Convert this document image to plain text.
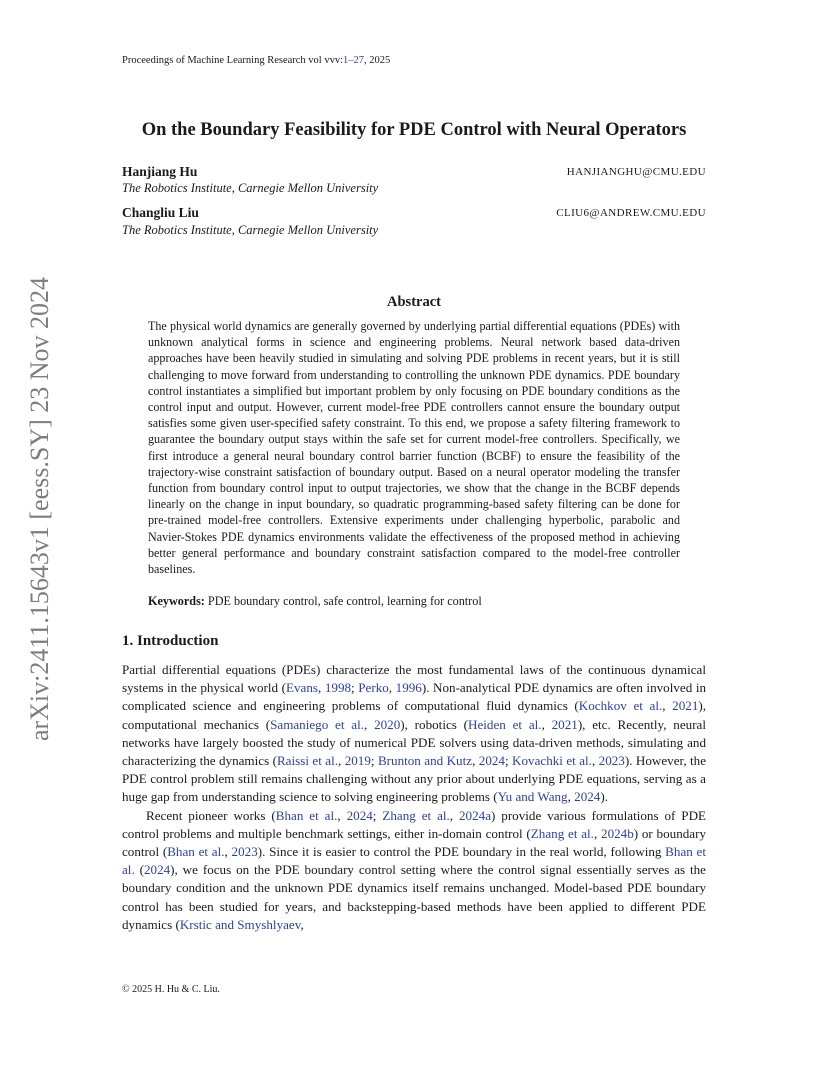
Proceedings of Machine Learning Research vol vvv:1–27, 2025
On the Boundary Feasibility for PDE Control with Neural Operators
Hanjiang Hu	HANJIANGHU@CMU.EDU
The Robotics Institute, Carnegie Mellon University
Changliu Liu	CLIU6@ANDREW.CMU.EDU
The Robotics Institute, Carnegie Mellon University
arXiv:2411.15643v1 [eess.SY] 23 Nov 2024	Abstract
The physical world dynamics are generally governed by underlying partial differential equations (PDEs) with unknown analytical forms in science and engineering problems. Neural network based data-driven approaches have been heavily studied in simulating and solving PDE problems in recent years, but it is still challenging to move forward from understanding to controlling the unknown PDE dynamics. PDE boundary control instantiates a simplified but important problem by only focusing on PDE boundary conditions as the control input and output. However, current model-free PDE controllers cannot ensure the boundary output satisfies some given user-specified safety constraint. To this end, we propose a safety filtering framework to guarantee the boundary output stays within the safe set for current model-free controllers. Specifically, we first introduce a general neural boundary control barrier function (BCBF) to ensure the feasibility of the trajectory-wise constraint satisfaction of boundary output. Based on a neural operator modeling the transfer function from boundary control input to output trajectories, we show that the change in the BCBF depends linearly on the change in input boundary, so quadratic programming-based safety filtering can be done for pre-trained model-free controllers. Extensive experiments under challenging hyperbolic, parabolic and Navier-Stokes PDE dynamics environments validate the effectiveness of the proposed method in achieving better general performance and boundary constraint satisfaction compared to the model-free controller baselines.
Keywords: PDE boundary control, safe control, learning for control
1. Introduction

Partial differential equations (PDEs) characterize the most fundamental laws of the continuous dynamical systems in the physical world (Evans, 1998; Perko, 1996). Non-analytical PDE dynamics are often involved in complicated science and engineering problems of computational fluid dynamics (Kochkov et al., 2021), computational mechanics (Samaniego et al., 2020), robotics (Heiden et al., 2021), etc. Recently, neural networks have largely boosted the study of numerical PDE solvers using data-driven methods, simulating and characterizing the dynamics (Raissi et al., 2019; Brunton and Kutz, 2024; Kovachki et al., 2023). However, the PDE control problem still remains challenging without any prior about underlying PDE equations, serving as a huge gap from understanding science to solving engineering problems (Yu and Wang, 2024).

Recent pioneer works (Bhan et al., 2024; Zhang et al., 2024a) provide various formulations of PDE control problems and multiple benchmark settings, either in-domain control (Zhang et al., 2024b) or boundary control (Bhan et al., 2023). Since it is easier to control the PDE boundary in the real world, following Bhan et al. (2024), we focus on the PDE boundary control setting where the control signal essentially serves as the boundary condition and the unknown PDE dynamics itself remains unchanged. Model-based PDE boundary control has been studied for years, and backstepping-based methods have been applied to different PDE dynamics (Krstic and Smyshlyaev,

© 2025 H. Hu & C. Liu.
